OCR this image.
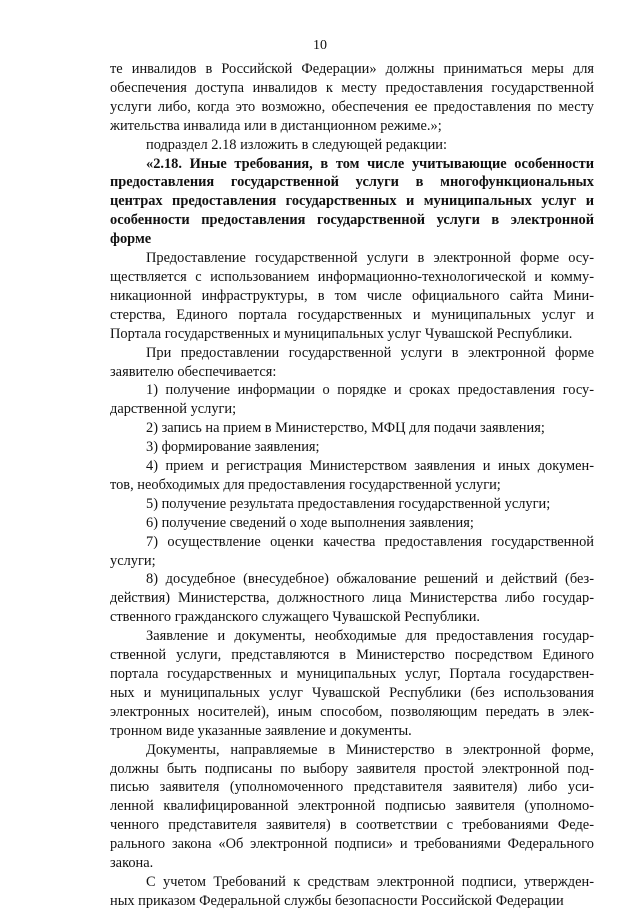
10

те инвалидов в Российской Федерации» должны приниматься меры для
обеспечения доступа инвалидов к месту предоставления государственной
услуги либо, когда это возможно, обеспечения ее предоставления по месту
жительства инвалида или в дистанционном режиме.»;

подраздел 2.18 изложить в следующей редакции:

«2.18. Иные требования, в том числе учитывающие особенности
предоставления государственной услуги в многофункциональных
центрах предоставления государственных и муниципальных услуг и
особенности предоставления государственной услуги в электронной
форме

Предоставление государственной услуги в электронной форме осу-
ществляется с использованием информационно-технологической и комму-
никационной инфраструктуры, в том числе официального сайта Мини-
стерства, Единого портала государственных и муниципальных услуг и
Портала государственных и муниципальных услуг Чувашской Республики.

При предоставлении государственной услуги в электронной форме
заявителю обеспечивается:

1) получение информации о порядке и сроках предоставления госу-
дарственной услуги;

2) запись на прием в Министерство, МФЦ для подачи заявления;

3) формирование заявления;

4) прием и регистрация Министерством заявления и иных докумен-
тов, необходимых для предоставления государственной услуги;

5) получение результата предоставления государственной услуги;

6) получение сведений о ходе выполнения заявления;

7) осуществление оценки качества предоставления государственной
услуги;

8) досудебное (внесудебное) обжалование решений и действий (без-
действия) Министерства, должностного лица Министерства либо государ-
ственного гражданского служащего Чувашской Республики.

Заявление и документы, необходимые для предоставления государ-
ственной услуги, представляются в Министерство посредством Единого
портала государственных и муниципальных услуг, Портала государствен-
ных и муниципальных услуг Чувашской Республики (без использования
электронных носителей), иным способом, позволяющим передать в элек-
тронном виде указанные заявление и документы.

Документы, направляемые в Министерство в электронной форме,
должны быть подписаны по выбору заявителя простой электронной под-
писью заявителя (уполномоченного представителя заявителя) либо уси-
ленной квалифицированной электронной подписью заявителя (уполномо-
ченного представителя заявителя) в соответствии с требованиями Феде-
рального закона «Об электронной подписи» и требованиями Федерального
закона.

С учетом Требований к средствам электронной подписи, утвержден-
ных приказом Федеральной службы безопасности Российской Федерации
